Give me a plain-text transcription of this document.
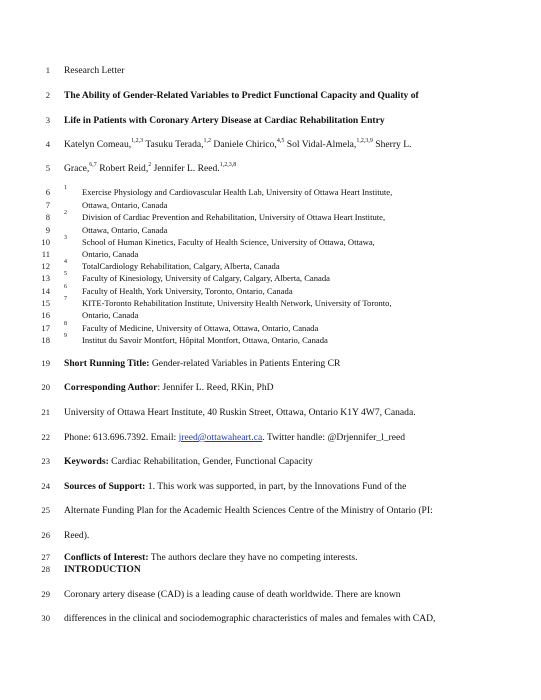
1 Research Letter
2 The Ability of Gender-Related Variables to Predict Functional Capacity and Quality of
3 Life in Patients with Coronary Artery Disease at Cardiac Rehabilitation Entry
4 Katelyn Comeau,$^{1,2,3}$ Tasuku Terada,$^{1,2}$ Daniele Chirico,$^{4,5}$ Sol Vidal-Almela,$^{1,2,3,9}$ Sherry L.
5 Grace,$^{6,7}$ Robert Reid,$^2$ Jennifer L. Reed.$^{1,2,3,8}$
6 1 Exercise Physiology and Cardiovascular Health Lab, University of Ottawa Heart Institute,
7	Ottawa, Ontario, Canada
8 2 Division of Cardiac Prevention and Rehabilitation, University of Ottawa Heart Institute,
9	Ottawa, Ontario, Canada
10 3 School of Human Kinetics, Faculty of Health Science, University of Ottawa, Ottawa,
11	Ontario, Canada
12 4 TotalCardiology Rehabilitation, Calgary, Alberta, Canada
13 5 Faculty of Kinesiology, University of Calgary, Calgary, Alberta, Canada
14 6 Faculty of Health, York University, Toronto, Ontario, Canada
15 7 KITE-Toronto Rehabilitation Institute, University Health Network, University of Toronto,
16	Ontario, Canada
17 8 Faculty of Medicine, University of Ottawa, Ottawa, Ontario, Canada
18 9 Institut du Savoir Montfort, Hôpital Montfort, Ottawa, Ontario, Canada
19 Short Running Title: Gender-related Variables in Patients Entering CR
20 Corresponding Author: Jennifer L. Reed, RKin, PhD
21 University of Ottawa Heart Institute, 40 Ruskin Street, Ottawa, Ontario K1Y 4W7, Canada.
22 Phone: 613.696.7392. Email: jreed@ottawaheart.ca. Twitter handle: @Drjennifer_l_reed
23 Keywords: Cardiac Rehabilitation, Gender, Functional Capacity
24 Sources of Support: 1. This work was supported, in part, by the Innovations Fund of the
25 Alternate Funding Plan for the Academic Health Sciences Centre of the Ministry of Ontario (PI:
26 Reed).
27 Conflicts of Interest: The authors declare they have no competing interests.
28 INTRODUCTION
29 Coronary artery disease (CAD) is a leading cause of death worldwide. There are known
30 differences in the clinical and sociodemographic characteristics of males and females with CAD,
